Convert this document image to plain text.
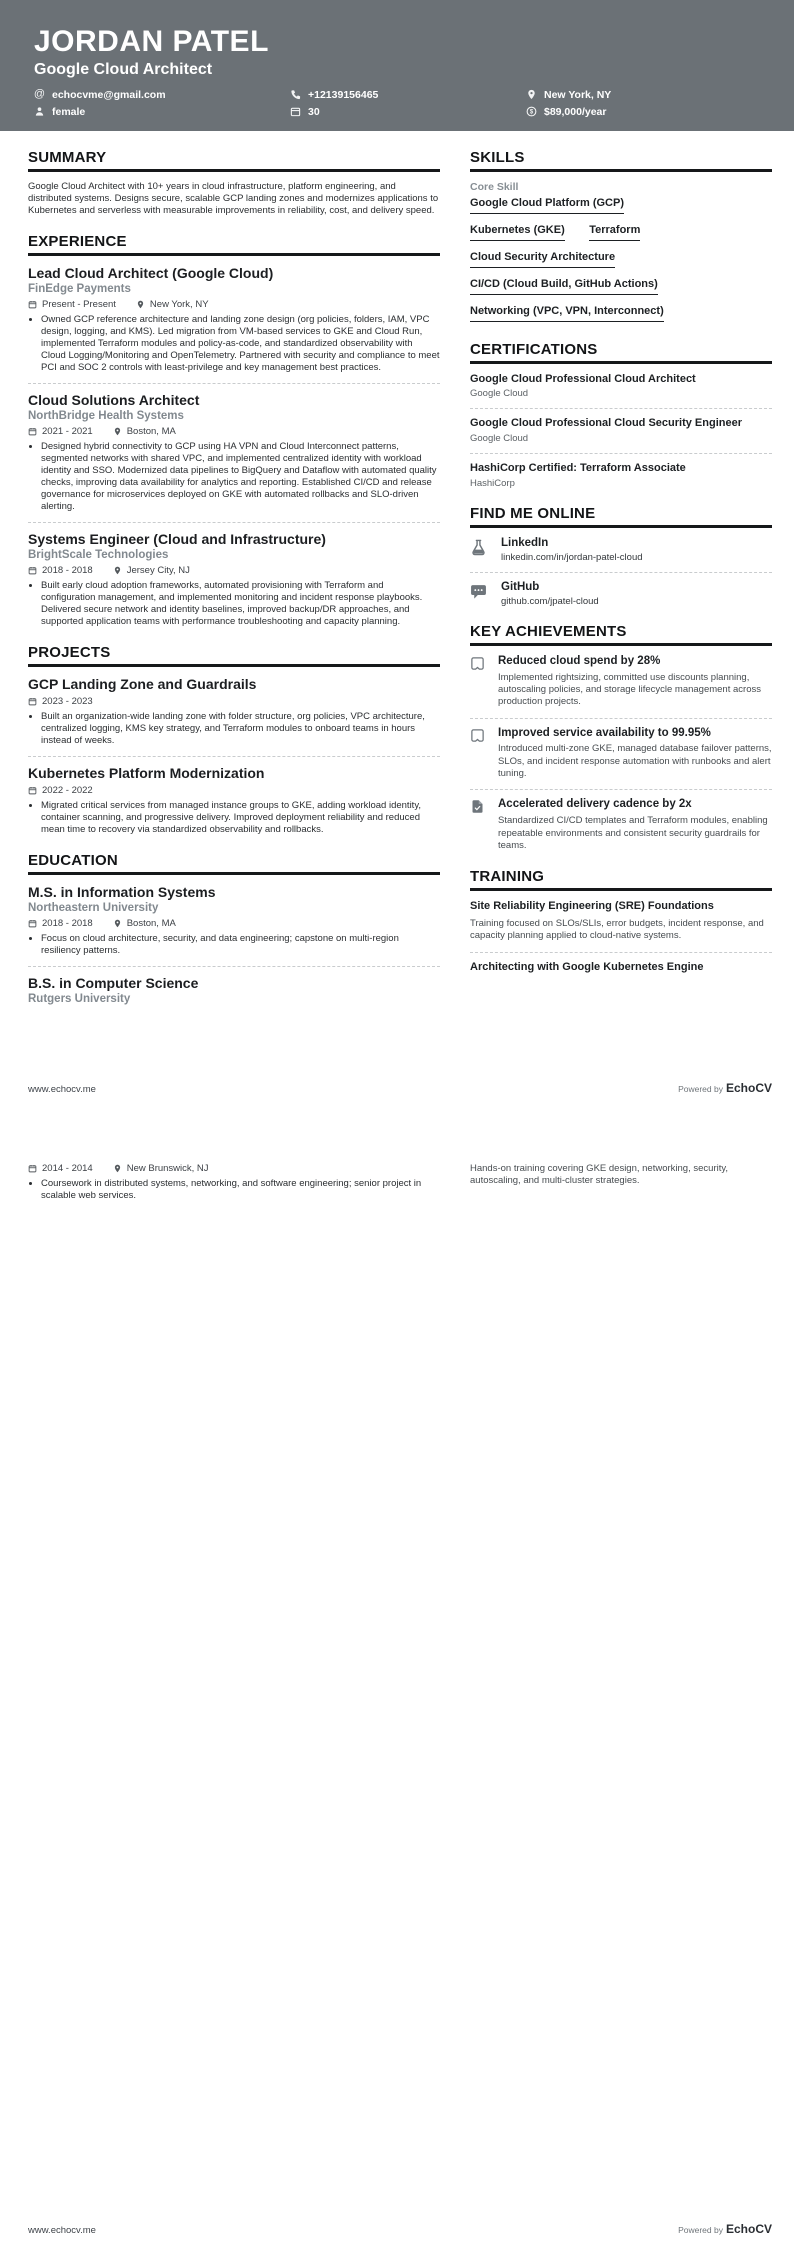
JORDAN PATEL
Google Cloud Architect
@ echocvme@gmail.com	+12139156465	New York, NY
female	30	$ $89,000/year
SUMMARY
Google Cloud Architect with 10+ years in cloud infrastructure, platform engineering, and distributed systems. Designs secure, scalable GCP landing zones and modernizes applications to Kubernetes and serverless with measurable improvements in reliability, cost, and delivery speed.
EXPERIENCE
Lead Cloud Architect (Google Cloud)
FinEdge Payments
Present - Present	New York, NY
• Owned GCP reference architecture and landing zone design (org policies, folders, IAM, VPC design, logging, and KMS). Led migration from VM-based services to GKE and Cloud Run, implemented Terraform modules and policy-as-code, and standardized observability with Cloud Logging/Monitoring and OpenTelemetry. Partnered with security and compliance to meet PCI and SOC 2 controls with least-privilege and key management best practices.
Cloud Solutions Architect
NorthBridge Health Systems
2021 - 2021	Boston, MA
• Designed hybrid connectivity to GCP using HA VPN and Cloud Interconnect patterns, segmented networks with shared VPC, and implemented centralized identity with workload identity and SSO. Modernized data pipelines to BigQuery and Dataflow with automated quality checks, improving data availability for analytics and reporting. Established CI/CD and release governance for microservices deployed on GKE with automated rollbacks and SLO-driven alerting.
Systems Engineer (Cloud and Infrastructure)
BrightScale Technologies
2018 - 2018	Jersey City, NJ
• Built early cloud adoption frameworks, automated provisioning with Terraform and configuration management, and implemented monitoring and incident response playbooks. Delivered secure network and identity baselines, improved backup/DR approaches, and supported application teams with performance troubleshooting and capacity planning.
PROJECTS
GCP Landing Zone and Guardrails
2023 - 2023
• Built an organization-wide landing zone with folder structure, org policies, VPC architecture, centralized logging, KMS key strategy, and Terraform modules to onboard teams in hours instead of weeks.
Kubernetes Platform Modernization
2022 - 2022
• Migrated critical services from managed instance groups to GKE, adding workload identity, container scanning, and progressive delivery. Improved deployment reliability and reduced mean time to recovery via standardized observability and rollbacks.
EDUCATION
M.S. in Information Systems
Northeastern University
2018 - 2018	Boston, MA
• Focus on cloud architecture, security, and data engineering; capstone on multi-region resiliency patterns.
B.S. in Computer Science
Rutgers University
SKILLS
Core Skill
Google Cloud Platform (GCP)
Kubernetes (GKE) Terraform Cloud Security Architecture CI/CD (Cloud Build, GitHub Actions) Networking (VPC, VPN, Interconnect)
CERTIFICATIONS
Google Cloud Professional Cloud Architect
Google Cloud
Google Cloud Professional Cloud Security Engineer
Google Cloud
HashiCorp Certified: Terraform Associate
HashiCorp
FIND ME ONLINE
LinkedIn
linkedin.com/in/jordan-patel-cloud
GitHub
github.com/jpatel-cloud
KEY ACHIEVEMENTS
Reduced cloud spend by 28%
Implemented rightsizing, committed use discounts planning, autoscaling policies, and storage lifecycle management across production projects.
Improved service availability to 99.95%
Introduced multi-zone GKE, managed database failover patterns, SLOs, and incident response automation with runbooks and alert tuning.
Accelerated delivery cadence by 2x
Standardized CI/CD templates and Terraform modules, enabling repeatable environments and consistent security guardrails for teams.
TRAINING
Site Reliability Engineering (SRE) Foundations
Training focused on SLOs/SLIs, error budgets, incident response, and capacity planning applied to cloud-native systems.
Architecting with Google Kubernetes Engine
www.echocv.me	Powered by EchoCV
2014 - 2014	New Brunswick, NJ
• Coursework in distributed systems, networking, and software engineering; senior project in scalable web services.
Hands-on training covering GKE design, networking, security, autoscaling, and multi-cluster strategies.
www.echocv.me	Powered by EchoCV
